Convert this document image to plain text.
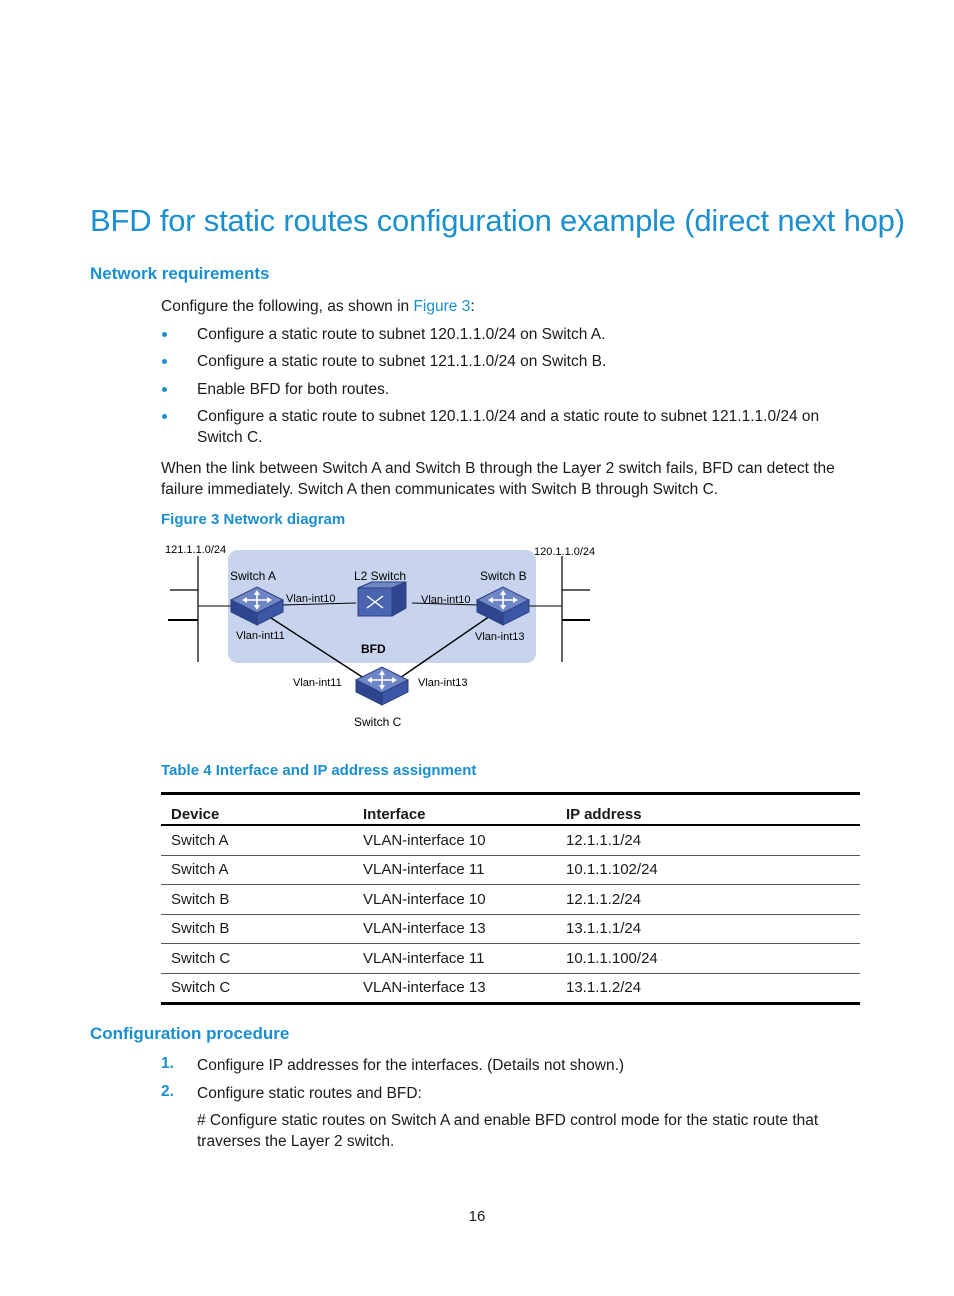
BFD for static routes configuration example (direct next hop)
Network requirements

Configure the following, as shown in Figure 3:

Configure a static route to subnet 120.1.1.0/24 on Switch A.
Configure a static route to subnet 121.1.1.0/24 on Switch B.
Enable BFD for both routes.
Configure a static route to subnet 120.1.1.0/24 and a static route to subnet 121.1.1.0/24 on Switch C.

When the link between Switch A and Switch B through the Layer 2 switch fails, BFD can detect the failure immediately. Switch A then communicates with Switch B through Switch C.

Figure 3 Network diagram

121.1.1.0/24	120.1.1.0/24
Switch A	L2 Switch	Switch B
Vlan-int10	Vlan-int10
Vlan-int11	Vlan-int13
BFD
Vlan-int11	Vlan-int13
Switch C

Table 4 Interface and IP address assignment

Device	Interface	IP address
Switch A	VLAN-interface 10	12.1.1.1/24
Switch A	VLAN-interface 11	10.1.1.102/24
Switch B	VLAN-interface 10	12.1.1.2/24
Switch B	VLAN-interface 13	13.1.1.1/24
Switch C	VLAN-interface 11	10.1.1.100/24
Switch C	VLAN-interface 13	13.1.1.2/24
Configuration procedure
1. Configure IP addresses for the interfaces. (Details not shown.)
2. Configure static routes and BFD:

# Configure static routes on Switch A and enable BFD control mode for the static route that traverses the Layer 2 switch.

16
